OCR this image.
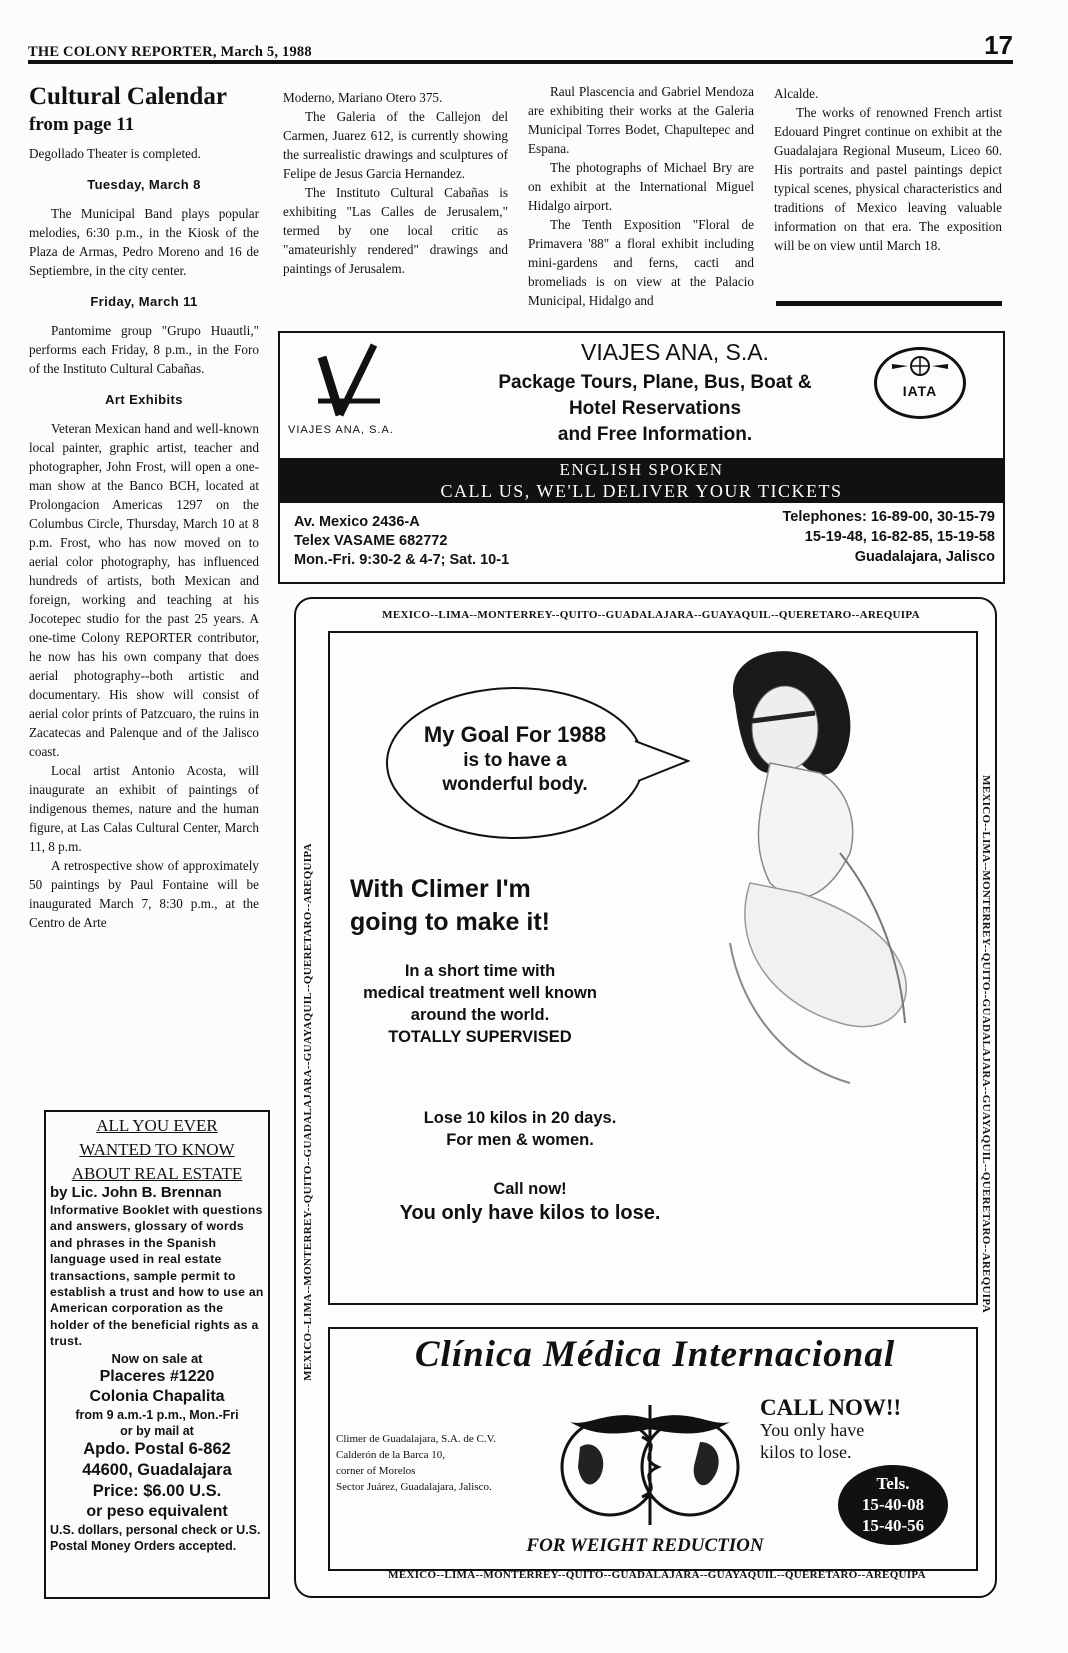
THE COLONY REPORTER, March 5, 1988	17
Cultural Calendar
from page 11

Degollado Theater is completed.

Tuesday, March 8

The Municipal Band plays popular melodies, 6:30 p.m., in the Kiosk of the Plaza de Armas, Pedro Moreno and 16 de Septiembre, in the city center.

Friday, March 11

Pantomime group "Grupo Huautli," performs each Friday, 8 p.m., in the Foro of the Instituto Cultural Cabañas.

Art Exhibits

Veteran Mexican hand and well-known local painter, graphic artist, teacher and photographer, John Frost, will open a one-man show at the Banco BCH, located at Prolongacion Americas 1297 on the Columbus Circle, Thursday, March 10 at 8 p.m. Frost, who has now moved on to aerial color photography, has influenced hundreds of artists, both Mexican and foreign, working and teaching at his Jocotepec studio for the past 25 years. A one-time Colony REPORTER contributor, he now has his own company that does aerial photography--both artistic and documentary. His show will consist of aerial color prints of Patzcuaro, the ruins in Zacatecas and Palenque and of the Jalisco coast.

Local artist Antonio Acosta, will inaugurate an exhibit of paintings of indigenous themes, nature and the human figure, at Las Calas Cultural Center, March 11, 8 p.m.

A retrospective show of approximately 50 paintings by Paul Fontaine will be inaugurated March 7, 8:30 p.m., at the Centro de Arte

Moderno, Mariano Otero 375.

The Galeria of the Callejon del Carmen, Juarez 612, is currently showing the surrealistic drawings and sculptures of Felipe de Jesus Garcia Hernandez.

The Instituto Cultural Cabañas is exhibiting "Las Calles de Jerusalem," termed by one local critic as "amateurishly rendered" drawings and paintings of Jerusalem.

Raul Plascencia and Gabriel Mendoza are exhibiting their works at the Galeria Municipal Torres Bodet, Chapultepec and Espana.

The photographs of Michael Bry are on exhibit at the International Miguel Hidalgo airport.

The Tenth Exposition "Floral de Primavera '88" a floral exhibit including mini-gardens and ferns, cacti and bromeliads is on view at the Palacio Municipal, Hidalgo and

Alcalde.

The works of renowned French artist Edouard Pingret continue on exhibit at the Guadalajara Regional Museum, Liceo 60. His portraits and pastel paintings depict typical scenes, physical characteristics and traditions of Mexico leaving valuable information on that era. The exposition will be on view until March 18.

ALL YOU EVER
WANTED TO KNOW
ABOUT REAL ESTATE
by Lic. John B. Brennan
Informative Booklet with questions and answers, glossary of words and phrases in the Spanish language used in real estate transactions, sample permit to establish a trust and how to use an American corporation as the holder of the beneficial rights as a trust.
Now on sale at
Placeres #1220
Colonia Chapalita
from 9 a.m.-1 p.m., Mon.-Fri
or by mail at
Apdo. Postal 6-862
44600, Guadalajara
Price: $6.00 U.S.
or peso equivalent
U.S. dollars, personal check or U.S. Postal Money Orders accepted.
VIAJES ANA, S.A.
VIAJES ANA, S.A.
Package Tours, Plane, Bus, Boat &
Hotel Reservations
and Free Information.
IATA
ENGLISH SPOKEN
CALL US, WE'LL DELIVER YOUR TICKETS
Av. Mexico 2436-A
Telex VASAME 682772
Mon.-Fri. 9:30-2 & 4-7; Sat. 10-1
Telephones: 16-89-00, 30-15-79
15-19-48, 16-82-85, 15-19-58
Guadalajara, Jalisco
MEXICO--LIMA--MONTERREY--QUITO--GUADALAJARA--GUAYAQUIL--QUERETARO--AREQUIPA
MEXICO--LIMA--MONTERREY--QUITO--GUADALAJARA--GUAYAQUIL--QUERETARO--AREQUIPA
MEXICO--LIMA--MONTERREY--QUITO--GUADALAJARA--GUAYAQUIL--QUERETARO--AREQUIPA	MEXICO--LIMA--MONTERREY--QUITO--GUADALAJARA--GUAYAQUIL--QUERETARO--AREQUIPA
My Goal For 1988
is to have a
wonderful body.
With Climer I'm
going to make it!
In a short time with
medical treatment well known
around the world.
TOTALLY SUPERVISED
Lose 10 kilos in 20 days.
For men & women.
Call now!
You only have kilos to lose.
Clínica Médica Internacional
Climer de Guadalajara, S.A. de C.V.
Calderón de la Barca 10,
corner of Morelos
Sector Juárez, Guadalajara, Jalisco.
CALL NOW!!
You only have
kilos to lose.
Tels.
15-40-08
15-40-56
FOR WEIGHT REDUCTION
